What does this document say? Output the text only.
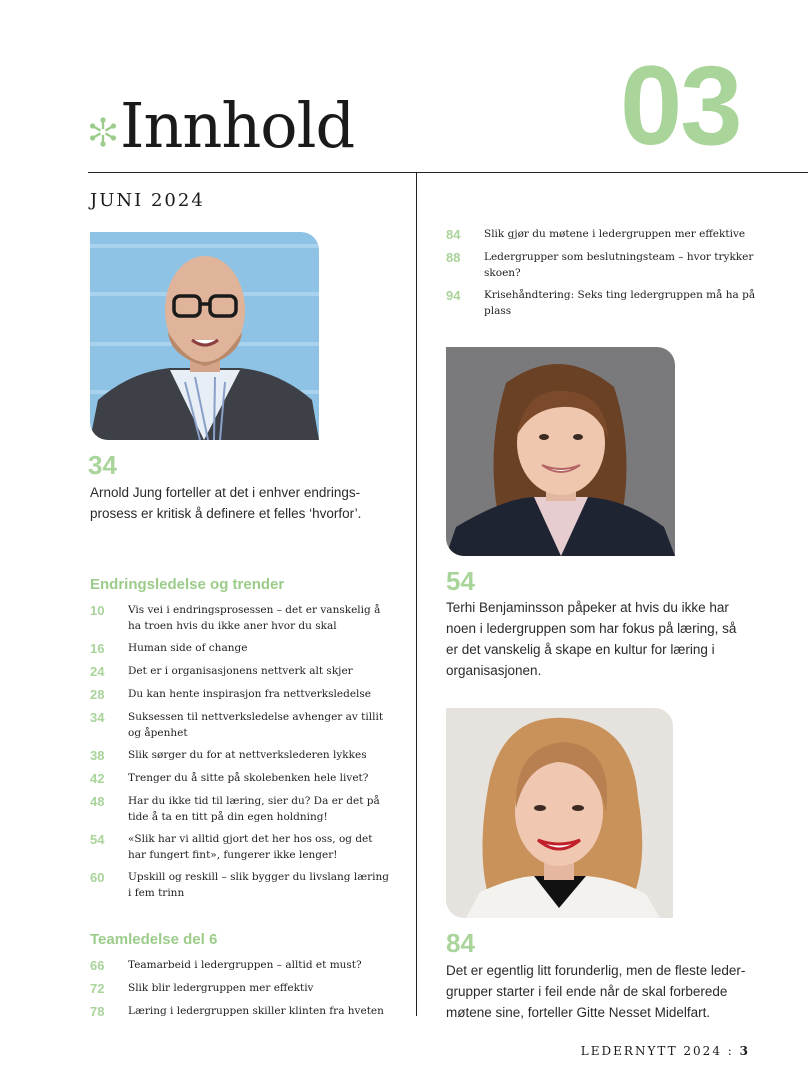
03
Innhold
JUNI 2024
34
Arnold Jung forteller at det i enhver endringsprosess er kritisk å definere et felles ‘hvorfor’.
Endringsledelse og trender
10	Vis vei i endringsprosessen – det er vanskelig å ha troen hvis du ikke aner hvor du skal
16	Human side of change
24	Det er i organisasjonens nettverk alt skjer
28	Du kan hente inspirasjon fra nettverksledelse
34	Suksessen til nettverksledelse avhenger av tillit og åpenhet
38	Slik sørger du for at nettverkslederen lykkes
42	Trenger du å sitte på skolebenken hele livet?
48	Har du ikke tid til læring, sier du? Da er det på tide å ta en titt på din egen holdning!
54	«Slik har vi alltid gjort det her hos oss, og det har fungert fint», fungerer ikke lenger!
60	Upskill og reskill – slik bygger du livslang læring i fem trinn
Teamledelse del 6
66	Teamarbeid i ledergruppen – alltid et must?
72	Slik blir ledergruppen mer effektiv
78	Læring i ledergruppen skiller klinten fra hveten
84	Slik gjør du møtene i ledergruppen mer effektive
88	Ledergrupper som beslutningsteam – hvor trykker skoen?
94	Krisehåndtering: Seks ting ledergruppen må ha på plass
54
Terhi Benjaminsson påpeker at hvis du ikke har noen i ledergruppen som har fokus på læring, så er det vanskelig å skape en kultur for læring i organisasjonen.
84
Det er egentlig litt forunderlig, men de fleste ledergrupper starter i feil ende når de skal forberede møtene sine, forteller Gitte Nesset Midelfart.
LEDERNYTT 2024 : 3
